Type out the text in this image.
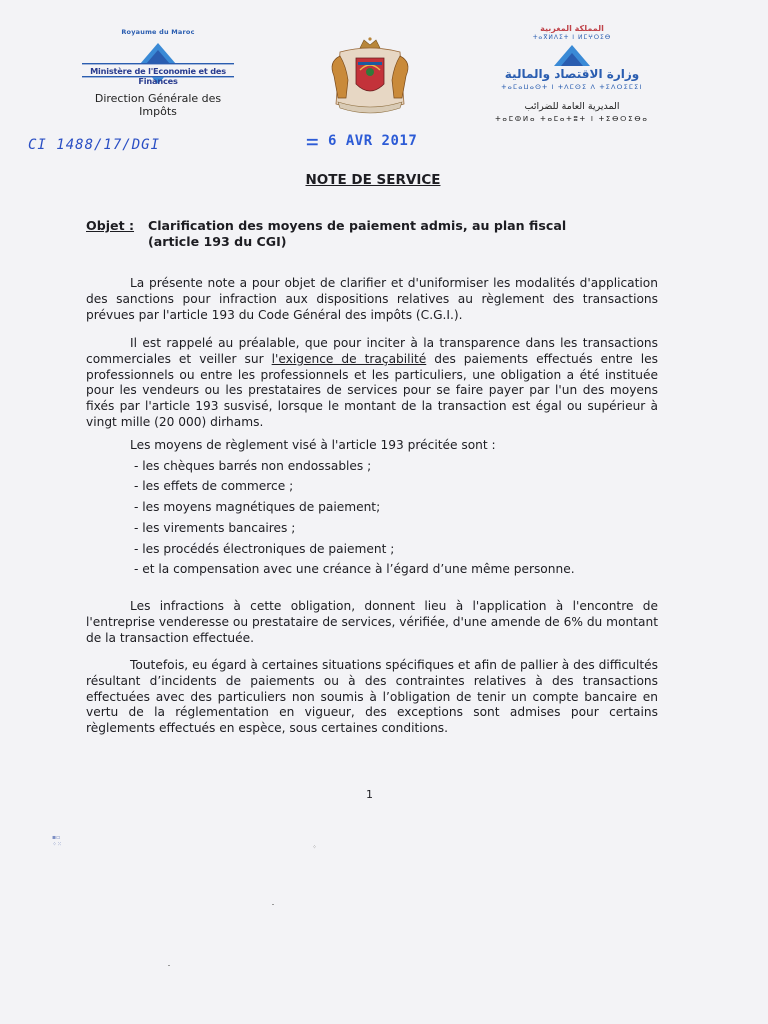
Royaume du Maroc
Ministère de l'Economie et des Finances
Direction Générale des Impôts
المملكة المغربية
ⵜⴰⴳⵍⴷⵉⵜ ⵏ ⵍⵎⵖⵔⵉⴱ
وزارة الاقتصاد والمالية
ⵜⴰⵎⴰⵡⴰⵙⵜ ⵏ ⵜⴷⵎⵙⵉ ⴷ ⵜⵉⴷⵔⵉⵎⵉⵏ
المديرية العامة للضرائب
ⵜⴰⵎⵀⵍⴰ ⵜⴰⵎⴰⵜⵓⵜ ⵏ ⵜⵉⴱⵔⵉⴱⴰ
CI 1488/17/DGI	⚌ 6 AVR 2017
NOTE DE SERVICE
Objet : Clarification des moyens de paiement admis, au plan fiscal
(article 193 du CGI)

La présente note a pour objet de clarifier et d'uniformiser les modalités d'application des sanctions pour infraction aux dispositions relatives au règlement des transactions prévues par l'article 193 du Code Général des impôts (C.G.I.).

Il est rappelé au préalable, que pour inciter à la transparence dans les transactions commerciales et veiller sur l'exigence de traçabilité des paiements effectués entre les professionnels ou entre les professionnels et les particuliers, une obligation a été instituée pour les vendeurs ou les prestataires de services pour se faire payer par l'un des moyens fixés par l'article 193 susvisé, lorsque le montant de la transaction est égal ou supérieur à vingt mille (20 000) dirhams.

Les moyens de règlement visé à l'article 193 précitée sont :

- les chèques barrés non endossables ;
- les effets de commerce ;
- les moyens magnétiques de paiement;
- les virements bancaires ;
- les procédés électroniques de paiement ;
- et la compensation avec une créance à l’égard d’une même personne.

Les infractions à cette obligation, donnent lieu à l'application à l'encontre de l'entreprise venderesse ou prestataire de services, vérifiée, d'une amende de 6% du montant de la transaction effectuée.

Toutefois, eu égard à certaines situations spécifiques et afin de pallier à des difficultés résultant d’incidents de paiements ou à des contraintes relatives à des transactions effectuées avec des particuliers non soumis à l’obligation de tenir un compte bancaire en vertu de la réglementation en vigueur, des exceptions sont admises pour certains règlements effectués en espèce, sous certaines conditions.

1
▪▫
⁘⁙	⁘
